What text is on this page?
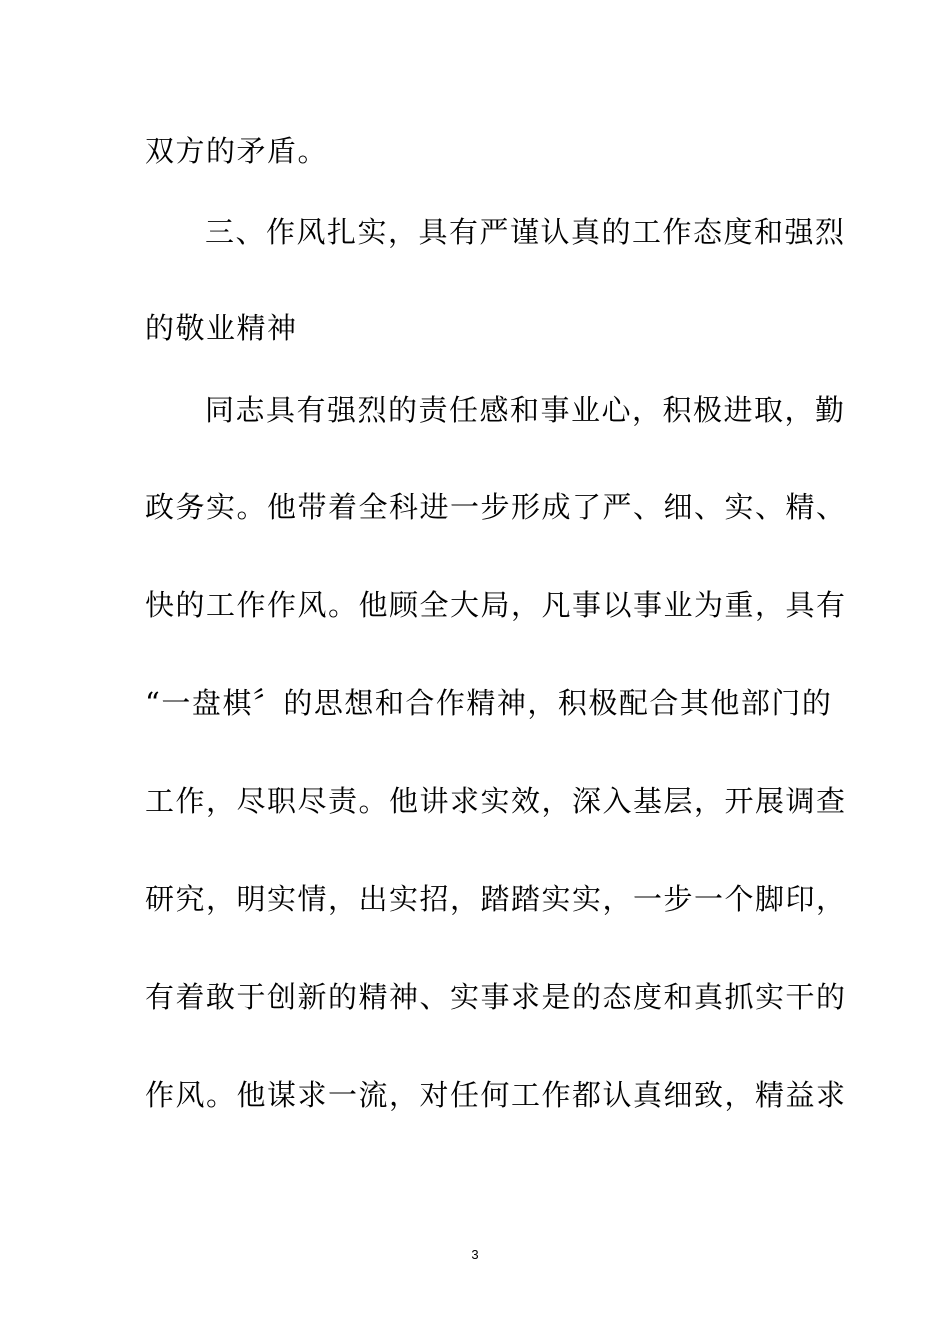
双方的矛盾。
三、作风扎实，具有严谨认真的工作态度和强烈
的敬业精神
同志具有强烈的责任感和事业心，积极进取，勤
政务实。他带着全科进一步形成了严、细、实、精、
快的工作作风。他顾全大局，凡事以事业为重，具有
“一盘棋〞的思想和合作精神，积极配合其他部门的
工作，尽职尽责。他讲求实效，深入基层，开展调查
研究，明实情，出实招，踏踏实实，一步一个脚印，
有着敢于创新的精神、实事求是的态度和真抓实干的
作风。他谋求一流，对任何工作都认真细致，精益求
3
